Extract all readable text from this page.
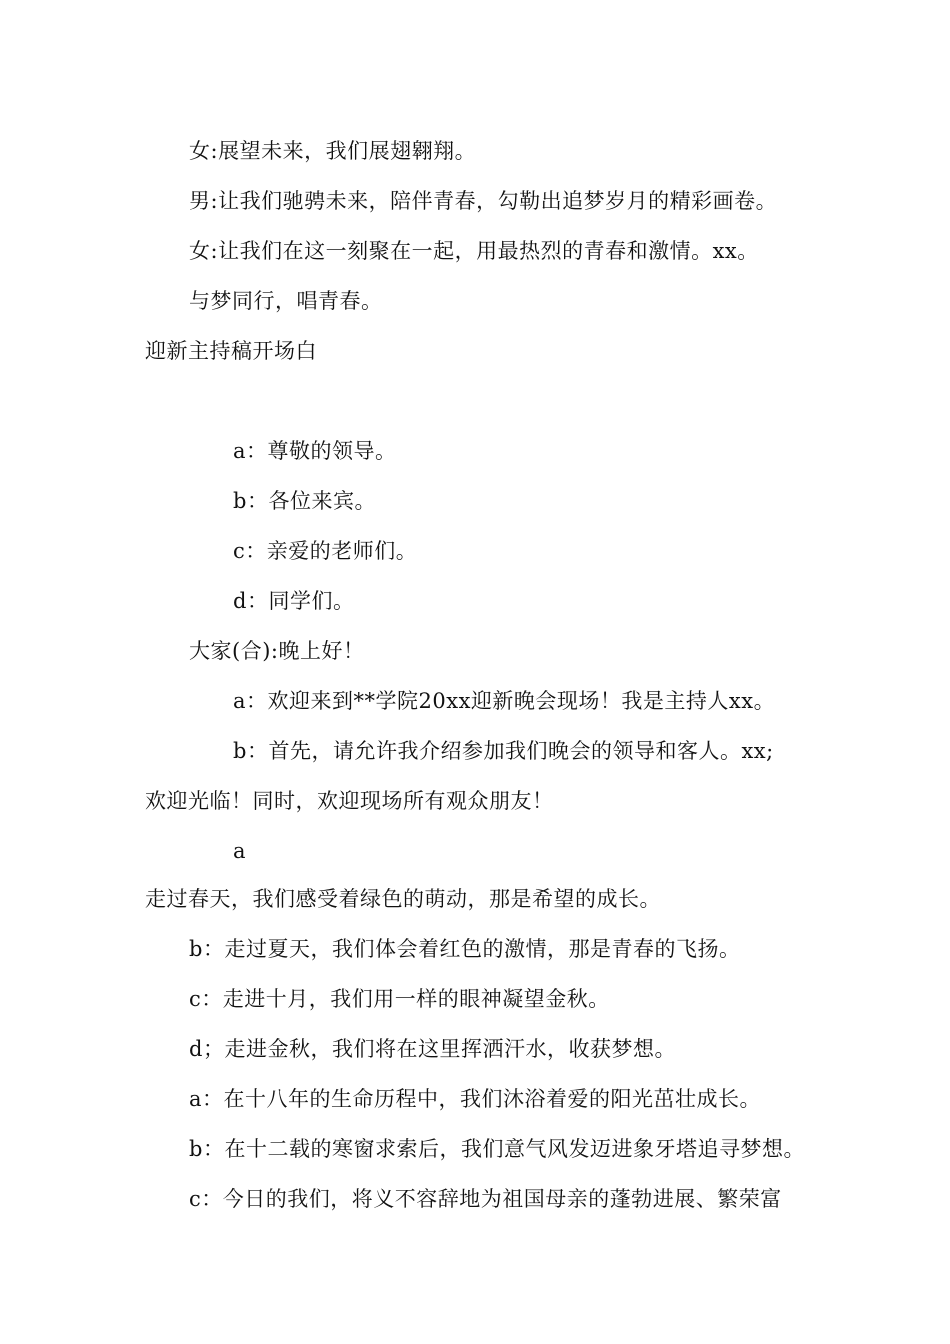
女:展望未来，我们展翅翱翔。
男:让我们驰骋未来，陪伴青春，勾勒出追梦岁月的精彩画卷。
女:让我们在这一刻聚在一起，用最热烈的青春和激情。xx。
与梦同行，唱青春。
迎新主持稿开场白
a：尊敬的领导。
b：各位来宾。
c：亲爱的老师们。
d：同学们。
大家(合):晚上好！
a：欢迎来到**学院20xx迎新晚会现场！我是主持人xx。
b：首先，请允许我介绍参加我们晚会的领导和客人。xx;
欢迎光临！同时，欢迎现场所有观众朋友！
a
走过春天，我们感受着绿色的萌动，那是希望的成长。
b：走过夏天，我们体会着红色的激情，那是青春的飞扬。
c：走进十月，我们用一样的眼神凝望金秋。
d；走进金秋，我们将在这里挥洒汗水，收获梦想。
a：在十八年的生命历程中，我们沐浴着爱的阳光茁壮成长。
b：在十二载的寒窗求索后，我们意气风发迈进象牙塔追寻梦想。
c：今日的我们，将义不容辞地为祖国母亲的蓬勃进展、繁荣富
